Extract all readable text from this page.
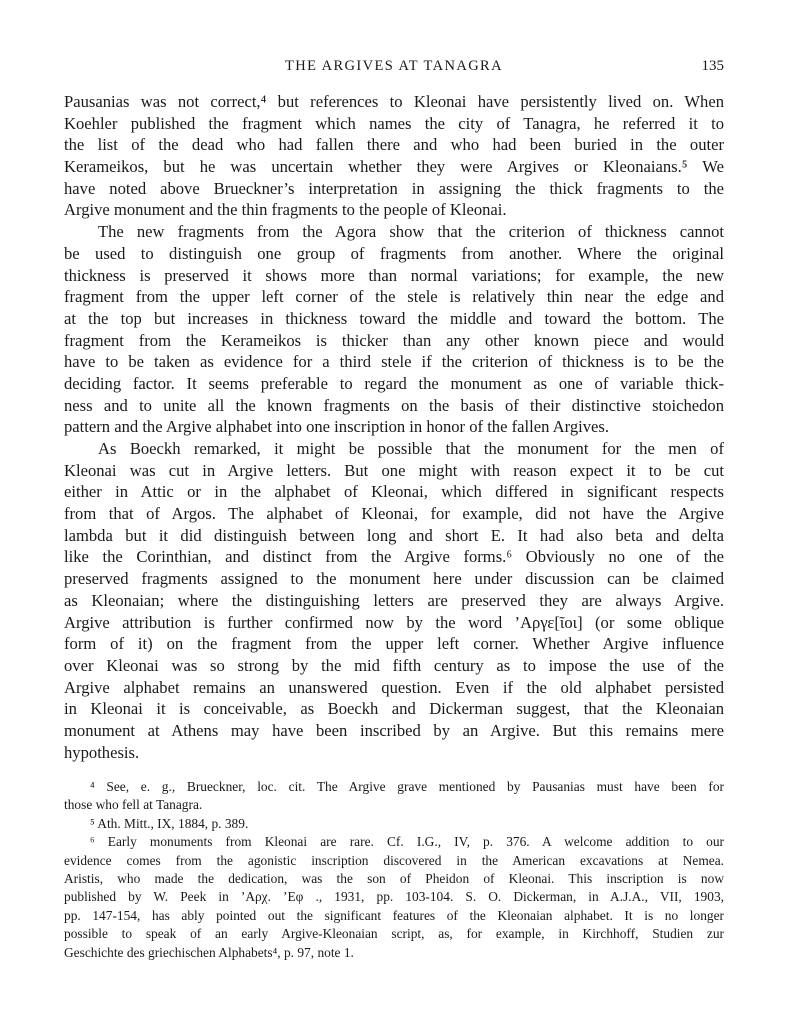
THE ARGIVES AT TANAGRA	135
Pausanias was not correct,⁴ but references to Kleonai have persistently lived on. When
Koehler published the fragment which names the city of Tanagra, he referred it to
the list of the dead who had fallen there and who had been buried in the outer
Kerameikos, but he was uncertain whether they were Argives or Kleonaians.⁵ We
have noted above Brueckner’s interpretation in assigning the thick fragments to the
Argive monument and the thin fragments to the people of Kleonai.
The new fragments from the Agora show that the criterion of thickness cannot
be used to distinguish one group of fragments from another. Where the original
thickness is preserved it shows more than normal variations; for example, the new
fragment from the upper left corner of the stele is relatively thin near the edge and
at the top but increases in thickness toward the middle and toward the bottom. The
fragment from the Kerameikos is thicker than any other known piece and would
have to be taken as evidence for a third stele if the criterion of thickness is to be the
deciding factor. It seems preferable to regard the monument as one of variable thick-
ness and to unite all the known fragments on the basis of their distinctive stoichedon
pattern and the Argive alphabet into one inscription in honor of the fallen Argives.
As Boeckh remarked, it might be possible that the monument for the men of
Kleonai was cut in Argive letters. But one might with reason expect it to be cut
either in Attic or in the alphabet of Kleonai, which differed in significant respects
from that of Argos. The alphabet of Kleonai, for example, did not have the Argive
lambda but it did distinguish between long and short E. It had also beta and delta
like the Corinthian, and distinct from the Argive forms.⁶ Obviously no one of the
preserved fragments assigned to the monument here under discussion can be claimed
as Kleonaian; where the distinguishing letters are preserved they are always Argive.
Argive attribution is further confirmed now by the word ’Αργε[ῖοι] (or some oblique
form of it) on the fragment from the upper left corner. Whether Argive influence
over Kleonai was so strong by the mid fifth century as to impose the use of the
Argive alphabet remains an unanswered question. Even if the old alphabet persisted
in Kleonai it is conceivable, as Boeckh and Dickerman suggest, that the Kleonaian
monument at Athens may have been inscribed by an Argive. But this remains mere
hypothesis.
⁴ See, e. g., Brueckner, loc. cit. The Argive grave mentioned by Pausanias must have been for
those who fell at Tanagra.
⁵ Ath. Mitt., IX, 1884, p. 389.
⁶ Early monuments from Kleonai are rare. Cf. I.G., IV, p. 376. A welcome addition to our
evidence comes from the agonistic inscription discovered in the American excavations at Nemea.
Aristis, who made the dedication, was the son of Pheidon of Kleonai. This inscription is now
published by W. Peek in ’Αρχ. ’Εφ ., 1931, pp. 103-104. S. O. Dickerman, in A.J.A., VII, 1903,
pp. 147-154, has ably pointed out the significant features of the Kleonaian alphabet. It is no longer
possible to speak of an early Argive-Kleonaian script, as, for example, in Kirchhoff, Studien zur
Geschichte des griechischen Alphabets⁴, p. 97, note 1.
